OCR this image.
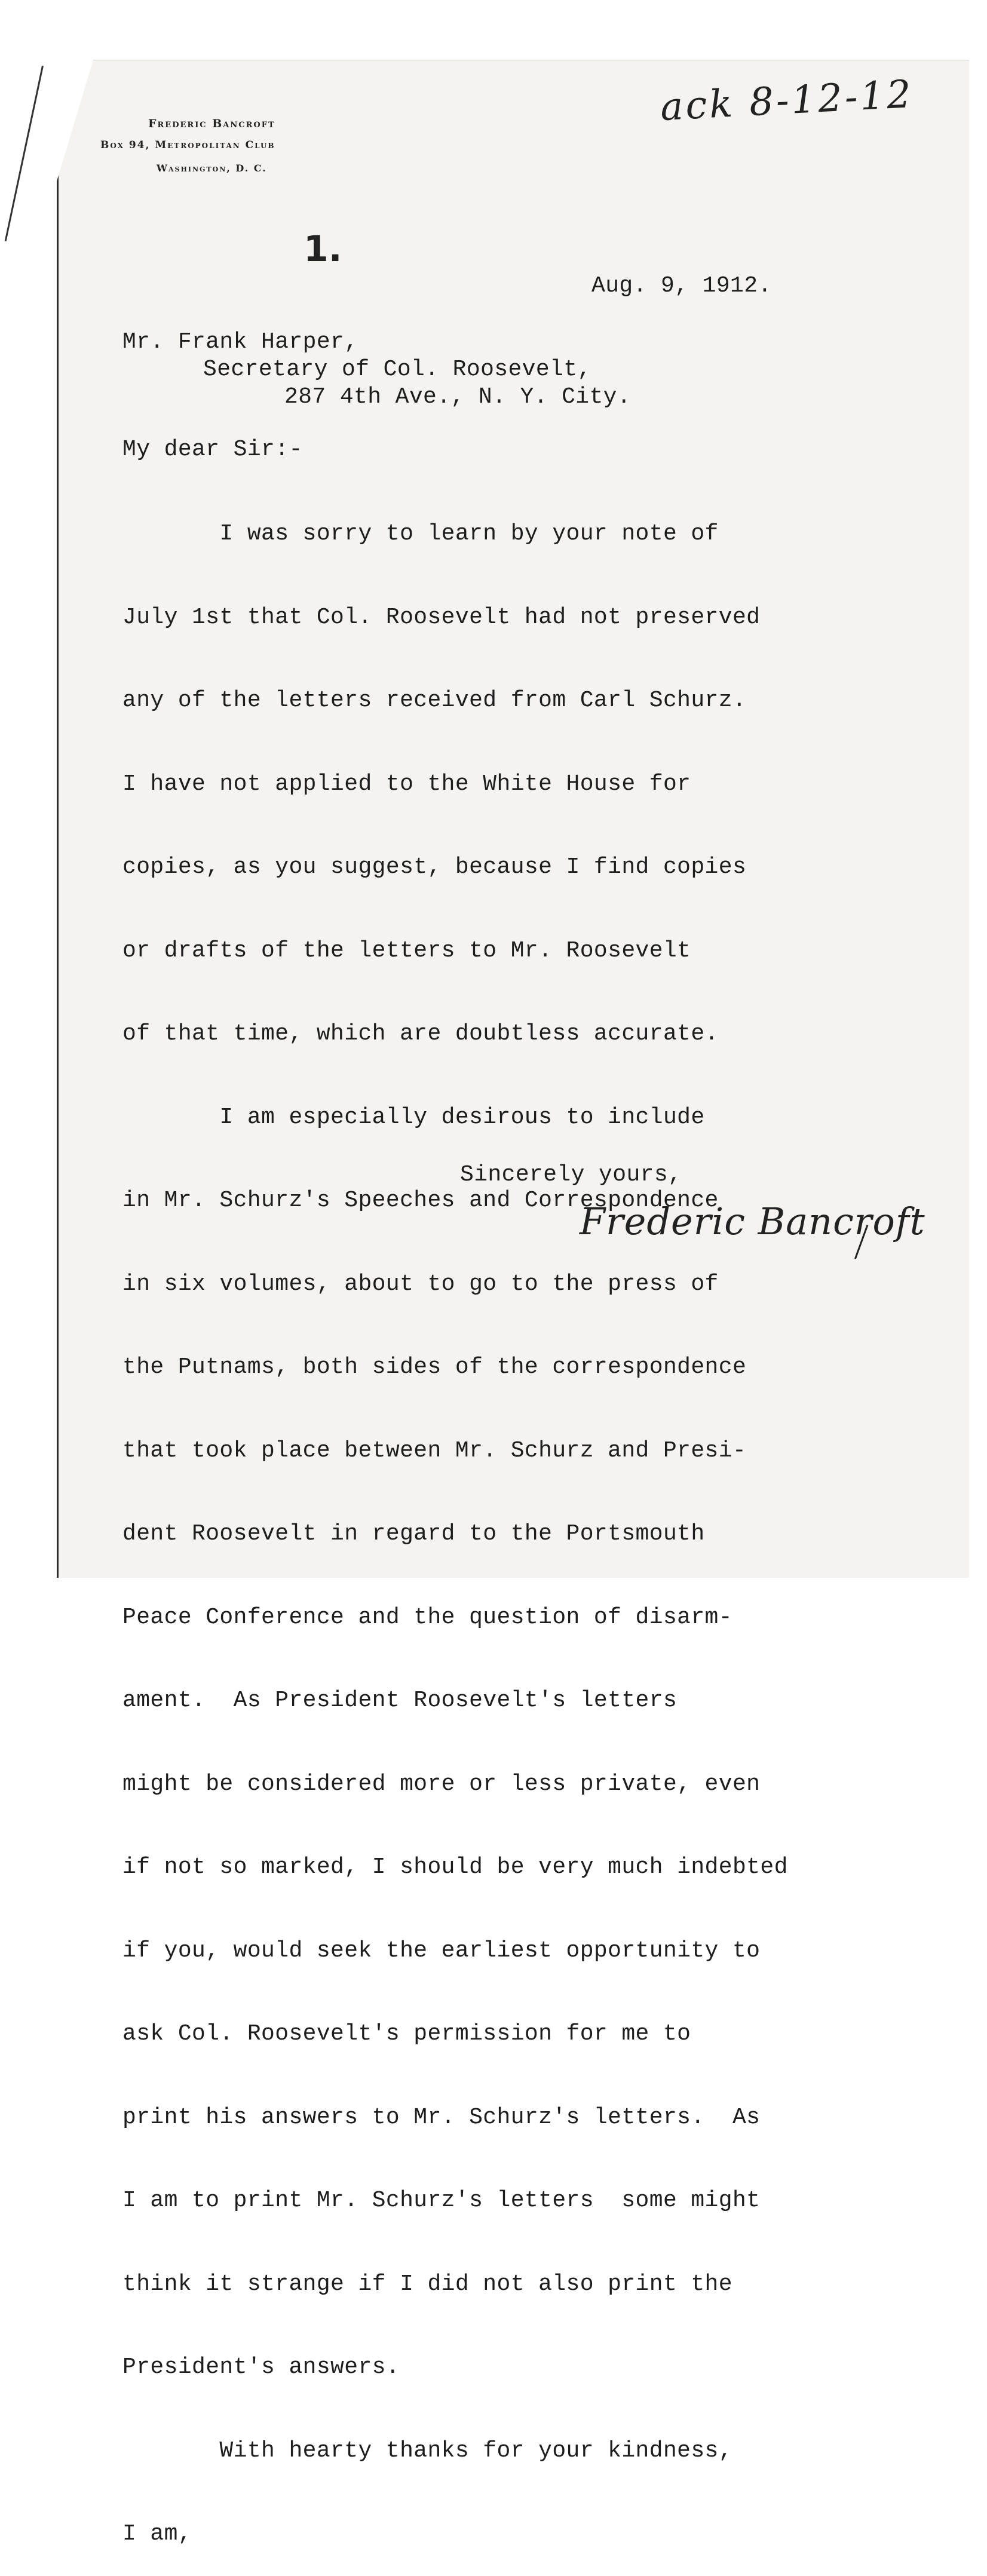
Frederic Bancroft
Box 94, Metropolitan Club
Washington, D. C.
ack 8-12-12
1.
Aug. 9, 1912.
Mr. Frank Harper,
Secretary of Col. Roosevelt,
287 4th Ave., N. Y. City.
My dear Sir:-

I was sorry to learn by your note of

July 1st that Col. Roosevelt had not preserved

any of the letters received from Carl Schurz.

I have not applied to the White House for

copies, as you suggest, because I find copies

or drafts of the letters to Mr. Roosevelt

of that time, which are doubtless accurate.

I am especially desirous to include

in Mr. Schurz's Speeches and Correspondence

in six volumes, about to go to the press of

the Putnams, both sides of the correspondence

that took place between Mr. Schurz and Presi-

dent Roosevelt in regard to the Portsmouth

Peace Conference and the question of disarm-

ament.  As President Roosevelt's letters

might be considered more or less private, even

if not so marked, I should be very much indebted

if you, would seek the earliest opportunity to

ask Col. Roosevelt's permission for me to

print his answers to Mr. Schurz's letters.  As

I am to print Mr. Schurz's letters  some might

think it strange if I did not also print the

President's answers.

With hearty thanks for your kindness,

I am,

Sincerely yours,
Frederic Bancroft
